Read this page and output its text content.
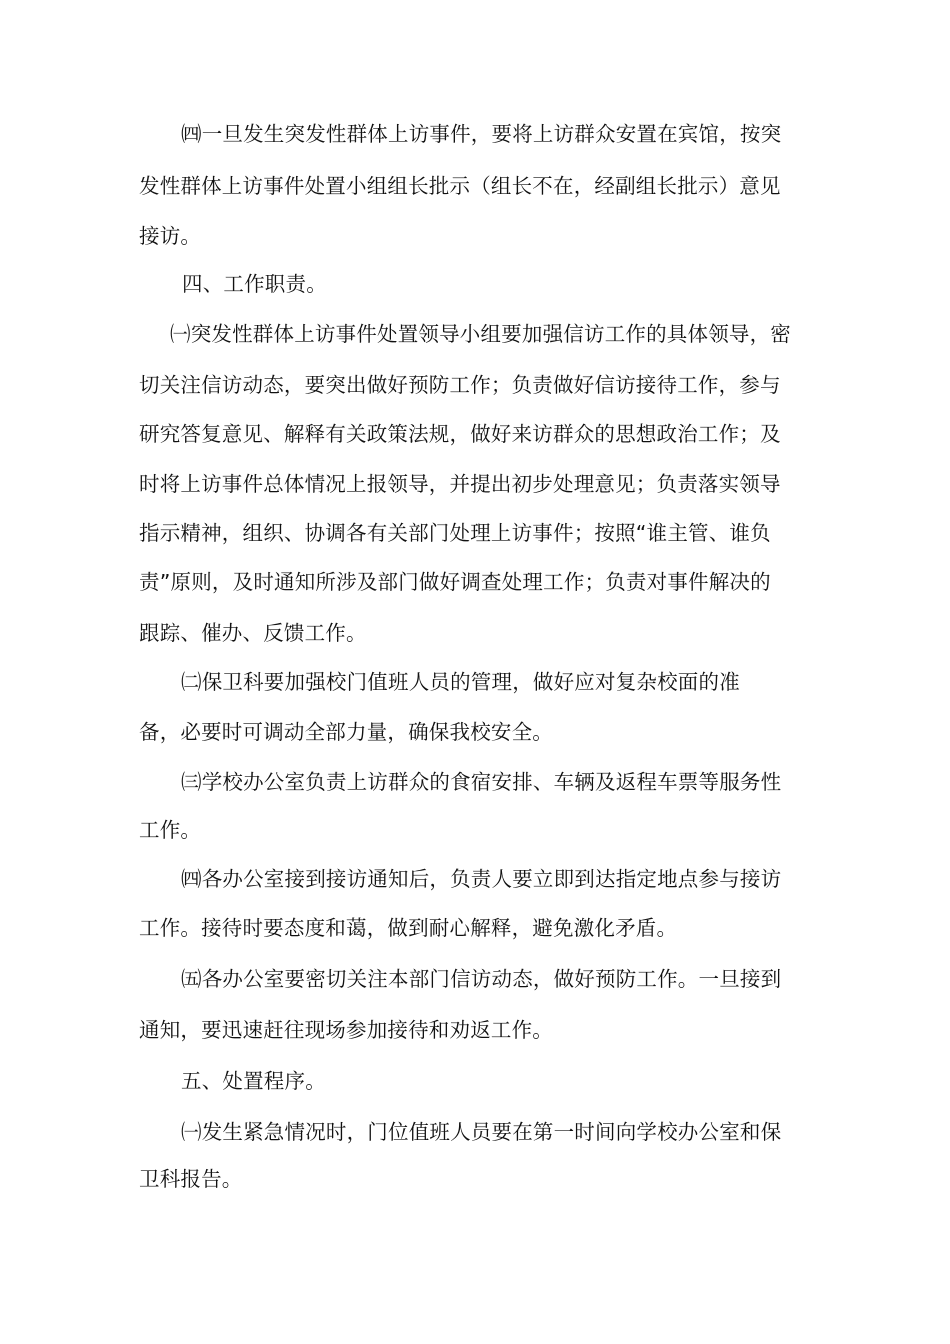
㈣一旦发生突发性群体上访事件，要将上访群众安置在宾馆，按突
发性群体上访事件处置小组组长批示（组长不在，经副组长批示）意见
接访。
四、工作职责。
㈠突发性群体上访事件处置领导小组要加强信访工作的具体领导，密
切关注信访动态，要突出做好预防工作；负责做好信访接待工作，参与
研究答复意见、解释有关政策法规，做好来访群众的思想政治工作；及
时将上访事件总体情况上报领导，并提出初步处理意见；负责落实领导
指示精神，组织、协调各有关部门处理上访事件；按照“谁主管、谁负
责”原则，及时通知所涉及部门做好调查处理工作；负责对事件解决的
跟踪、催办、反馈工作。
㈡保卫科要加强校门值班人员的管理，做好应对复杂校面的准
备，必要时可调动全部力量，确保我校安全。
㈢学校办公室负责上访群众的食宿安排、车辆及返程车票等服务性
工作。
㈣各办公室接到接访通知后，负责人要立即到达指定地点参与接访
工作。接待时要态度和蔼，做到耐心解释，避免激化矛盾。
㈤各办公室要密切关注本部门信访动态，做好预防工作。一旦接到
通知，要迅速赶往现场参加接待和劝返工作。
五、处置程序。
㈠发生紧急情况时，门位值班人员要在第一时间向学校办公室和保
卫科报告。
